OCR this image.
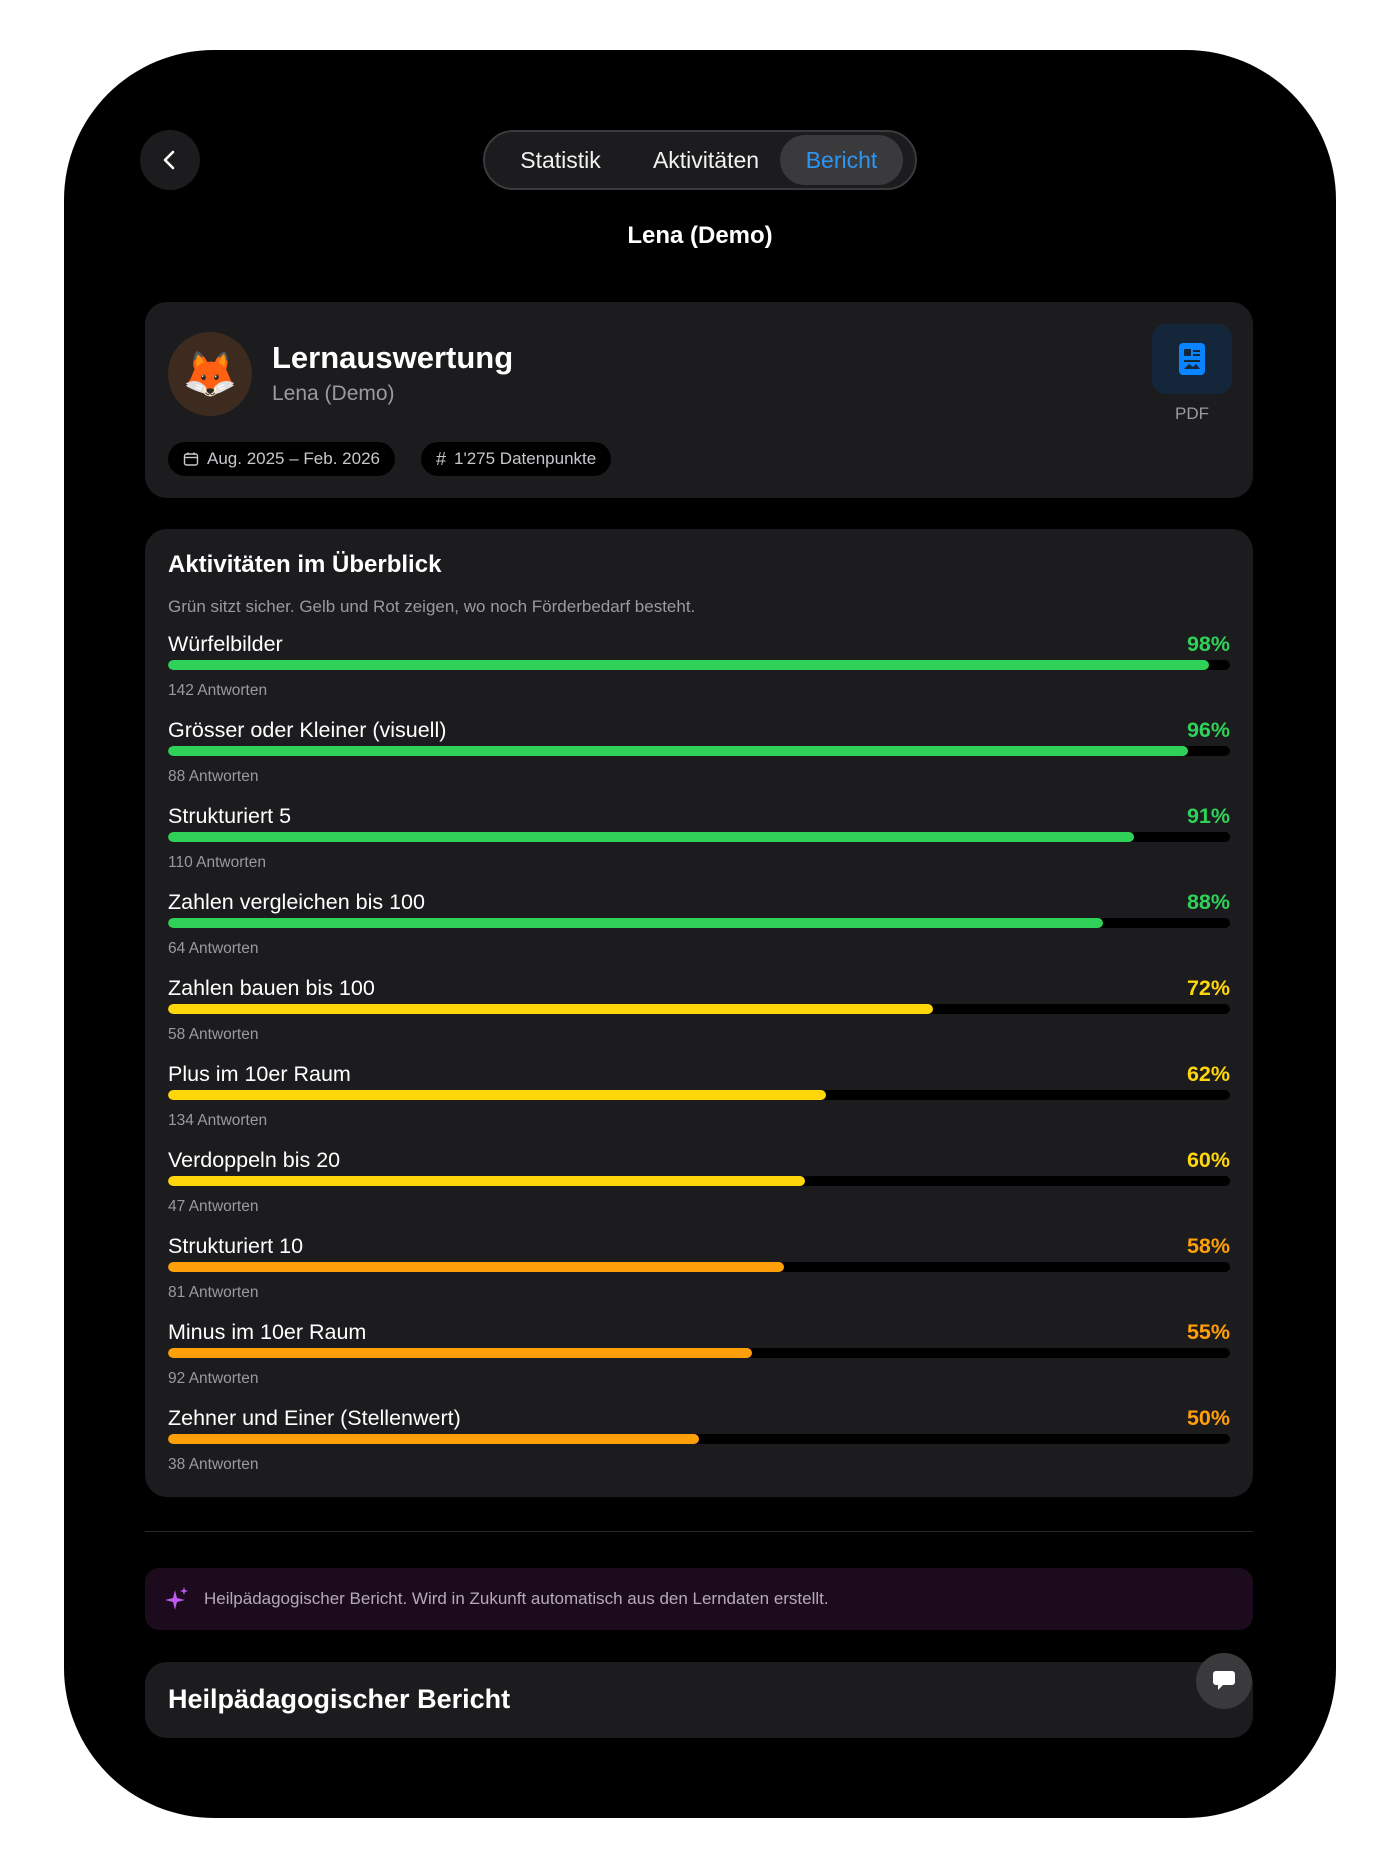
Statistik	Aktivitäten	Bericht
Lena (Demo)
🦊	Lernauswertung
Lena (Demo)
PDF
Aug. 2025 – Feb. 2026	# 1'275 Datenpunkte
Aktivitäten im Überblick
Grün sitzt sicher. Gelb und Rot zeigen, wo noch Förderbedarf besteht.
Würfelbilder	98%
142 Antworten
Grösser oder Kleiner (visuell)	96%
88 Antworten
Strukturiert 5	91%
110 Antworten
Zahlen vergleichen bis 100	88%
64 Antworten
Zahlen bauen bis 100	72%
58 Antworten
Plus im 10er Raum	62%
134 Antworten
Verdoppeln bis 20	60%
47 Antworten
Strukturiert 10	58%
81 Antworten
Minus im 10er Raum	55%
92 Antworten
Zehner und Einer (Stellenwert)	50%
38 Antworten
Heilpädagogischer Bericht. Wird in Zukunft automatisch aus den Lerndaten erstellt.
Heilpädagogischer Bericht
